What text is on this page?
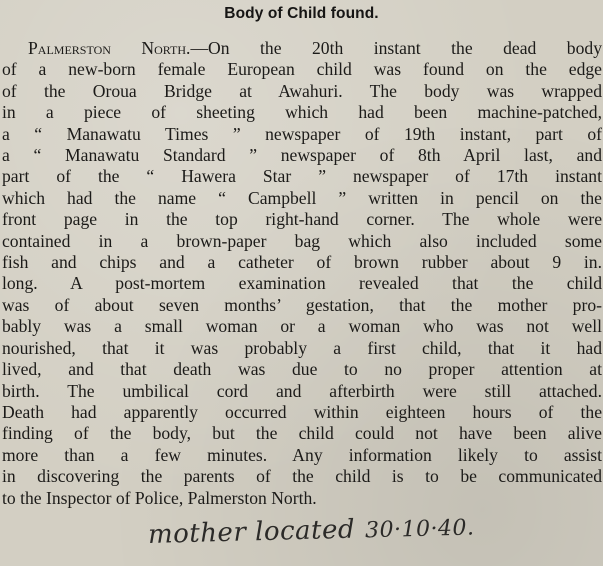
Body of Child found.
Palmerston North.—On the 20th instant the dead body
of a new-born female European child was found on the edge
of the Oroua Bridge at Awahuri. The body was wrapped
in a piece of sheeting which had been machine-patched,
a “ Manawatu Times ” newspaper of 19th instant, part of
a “ Manawatu Standard ” newspaper of 8th April last, and
part of the “ Hawera Star ” newspaper of 17th instant
which had the name “ Campbell ” written in pencil on the
front page in the top right-hand corner. The whole were
contained in a brown-paper bag which also included some
fish and chips and a catheter of brown rubber about 9 in.
long. A post-mortem examination revealed that the child
was of about seven months’ gestation, that the mother pro-
bably was a small woman or a woman who was not well
nourished, that it was probably a first child, that it had
lived, and that death was due to no proper attention at
birth. The umbilical cord and afterbirth were still attached.
Death had apparently occurred within eighteen hours of the
finding of the body, but the child could not have been alive
more than a few minutes. Any information likely to assist
in discovering the parents of the child is to be communicated
to the Inspector of Police, Palmerston North.
mother located 30·10·40.
